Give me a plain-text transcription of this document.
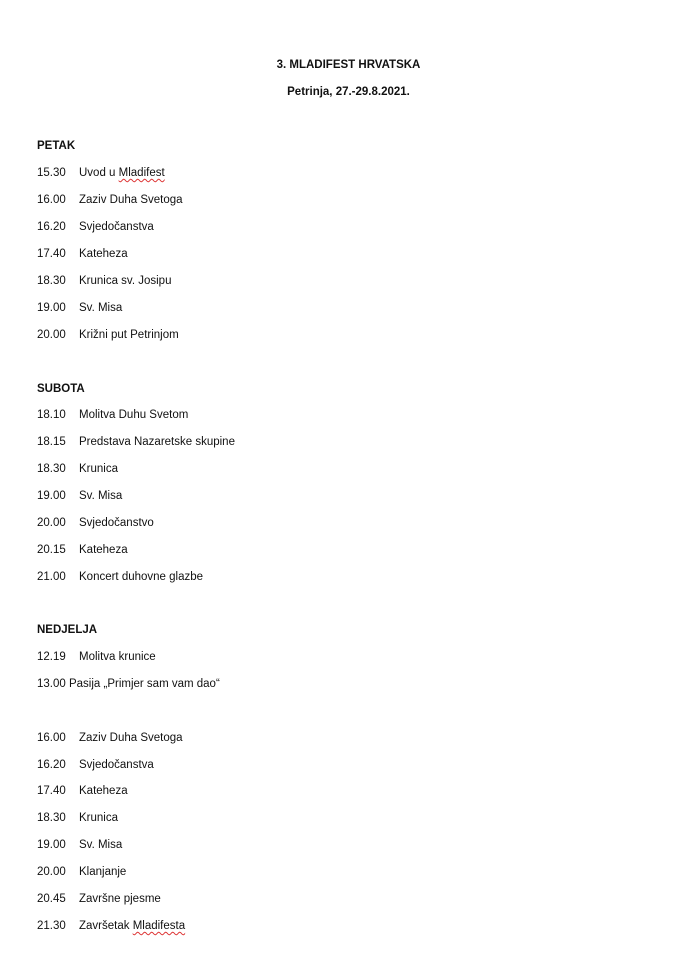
3. MLADIFEST HRVATSKA
Petrinja, 27.-29.8.2021.
PETAK
15.30 Uvod u Mladifest
16.00 Zaziv Duha Svetoga
16.20 Svjedočanstva
17.40 Kateheza
18.30 Krunica sv. Josipu
19.00 Sv. Misa
20.00 Križni put Petrinjom
SUBOTA
18.10 Molitva Duhu Svetom
18.15 Predstava Nazaretske skupine
18.30 Krunica
19.00 Sv. Misa
20.00 Svjedočanstvo
20.15 Kateheza
21.00 Koncert duhovne glazbe
NEDJELJA
12.19 Molitva krunice
13.00 Pasija „Primjer sam vam dao“
16.00 Zaziv Duha Svetoga
16.20 Svjedočanstva
17.40 Kateheza
18.30 Krunica
19.00 Sv. Misa
20.00 Klanjanje
20.45 Završne pjesme
21.30 Završetak Mladifesta
